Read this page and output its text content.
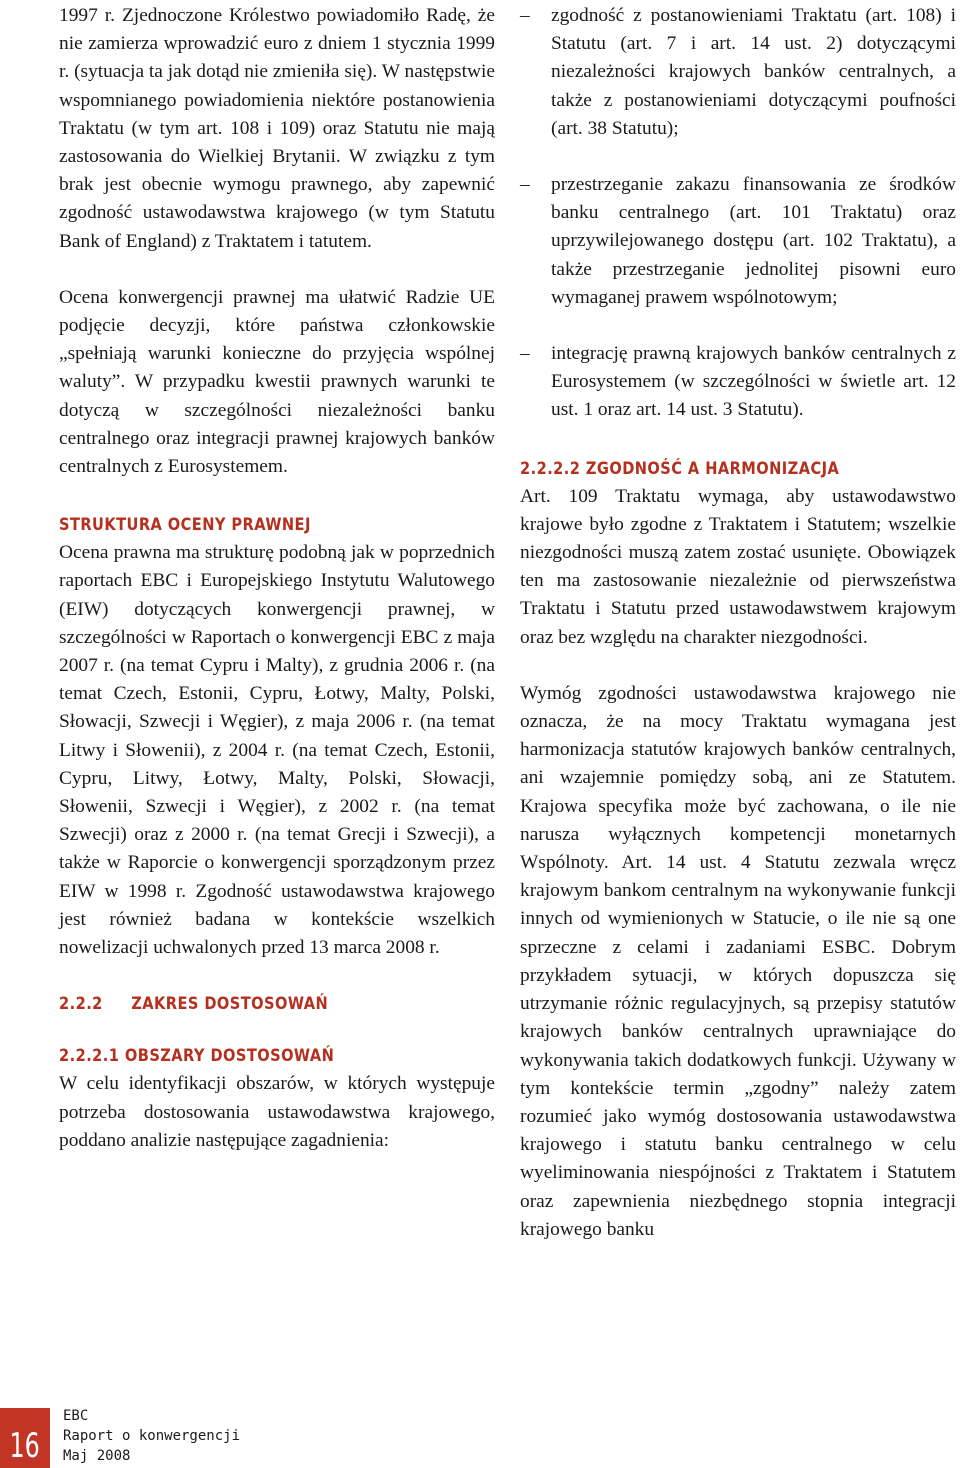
1997 r. Zjednoczone Królestwo powiadomiło Radę, że nie zamierza wprowadzić euro z dniem 1 stycznia 1999 r. (sytuacja ta jak dotąd nie zmieniła się). W następstwie wspomnianego powiadomienia niektóre postanowienia Traktatu (w tym art. 108 i 109) oraz Statutu nie mają zastosowania do Wielkiej Brytanii. W związku z tym brak jest obecnie wymogu prawnego, aby zapewnić zgodność ustawodawstwa krajowego (w tym Statutu Bank of England) z Traktatem i tatutem.

Ocena konwergencji prawnej ma ułatwić Radzie UE podjęcie decyzji, które państwa członkowskie „spełniają warunki konieczne do przyjęcia wspólnej waluty”. W przypadku kwestii prawnych warunki te dotyczą w szczególności niezależności banku centralnego oraz integracji prawnej krajowych banków centralnych z Eurosystemem.

STRUKTURA OCENY PRAWNEJ

Ocena prawna ma strukturę podobną jak w poprzednich raportach EBC i Europejskiego Instytutu Walutowego (EIW) dotyczących konwergencji prawnej, w szczególności w Raportach o konwergencji EBC z maja 2007 r. (na temat Cypru i Malty), z grudnia 2006 r. (na temat Czech, Estonii, Cypru, Łotwy, Malty, Polski, Słowacji, Szwecji i Węgier), z maja 2006 r. (na temat Litwy i Słowenii), z 2004 r. (na temat Czech, Estonii, Cypru, Litwy, Łotwy, Malty, Polski, Słowacji, Słowenii, Szwecji i Węgier), z 2002 r. (na temat Szwecji) oraz z 2000 r. (na temat Grecji i Szwecji), a także w Raporcie o konwergencji sporządzonym przez EIW w 1998 r. Zgodność ustawodawstwa krajowego jest również badana w kontekście wszelkich nowelizacji uchwalonych przed 13 marca 2008 r.

2.2.2 ZAKRES DOSTOSOWAŃ
2.2.2.1 OBSZARY DOSTOSOWAŃ

W celu identyfikacji obszarów, w których występuje potrzeba dostosowania ustawodawstwa krajowego, poddano analizie następujące zagadnienia:

–	zgodność z postanowieniami Traktatu (art. 108) i Statutu (art. 7 i art. 14 ust. 2) dotyczącymi niezależności krajowych banków centralnych, a także z postanowieniami dotyczącymi poufności (art. 38 Statutu);
–	przestrzeganie zakazu finansowania ze środków banku centralnego (art. 101 Traktatu) oraz uprzywilejowanego dostępu (art. 102 Traktatu), a także przestrzeganie jednolitej pisowni euro wymaganej prawem wspólnotowym;
–	integrację prawną krajowych banków centralnych z Eurosystemem (w szczególności w świetle art. 12 ust. 1 oraz art. 14 ust. 3 Statutu).
2.2.2.2 ZGODNOŚĆ A HARMONIZACJA

Art. 109 Traktatu wymaga, aby ustawodawstwo krajowe było zgodne z Traktatem i Statutem; wszelkie niezgodności muszą zatem zostać usunięte. Obowiązek ten ma zastosowanie niezależnie od pierwszeństwa Traktatu i Statutu przed ustawodawstwem krajowym oraz bez względu na charakter niezgodności.

Wymóg zgodności ustawodawstwa krajowego nie oznacza, że na mocy Traktatu wymagana jest harmonizacja statutów krajowych banków centralnych, ani wzajemnie pomiędzy sobą, ani ze Statutem. Krajowa specyfika może być zachowana, o ile nie narusza wyłącznych kompetencji monetarnych Wspólnoty. Art. 14 ust. 4 Statutu zezwala wręcz krajowym bankom centralnym na wykonywanie funkcji innych od wymienionych w Statucie, o ile nie są one sprzeczne z celami i zadaniami ESBC. Dobrym przykładem sytuacji, w których dopuszcza się utrzymanie różnic regulacyjnych, są przepisy statutów krajowych banków centralnych uprawniające do wykonywania takich dodatkowych funkcji. Używany w tym kontekście termin „zgodny” należy zatem rozumieć jako wymóg dostosowania ustawodawstwa krajowego i statutu banku centralnego w celu wyeliminowania niespójności z Traktatem i Statutem oraz zapewnienia niezbędnego stopnia integracji krajowego banku

16
EBC
Raport o konwergencji
Maj 2008
